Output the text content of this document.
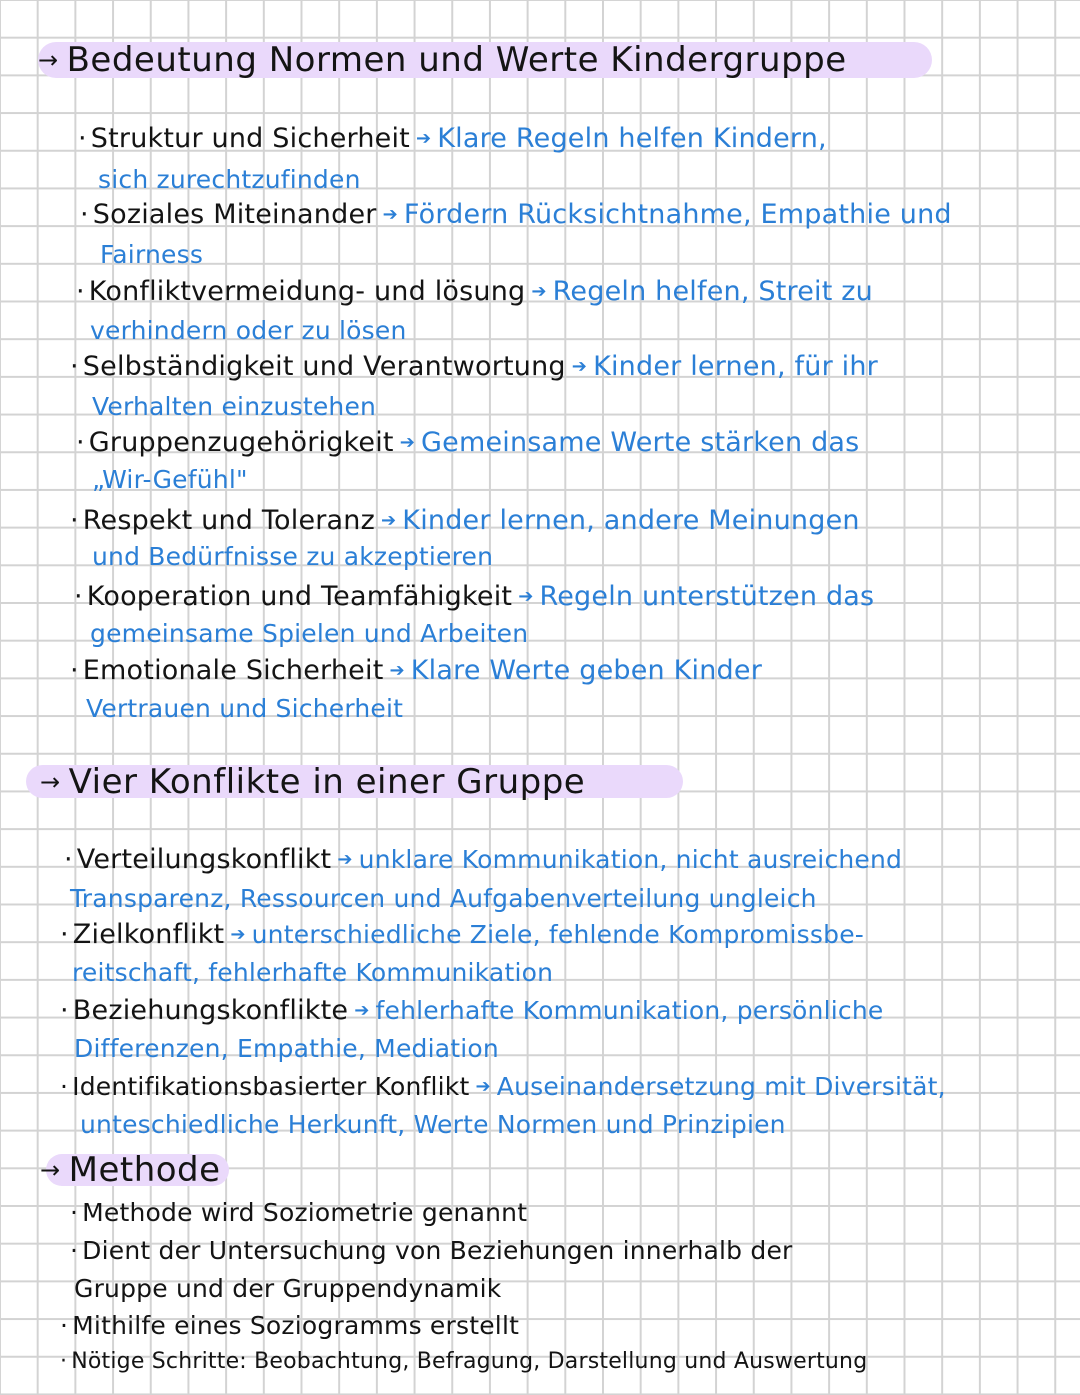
→ Bedeutung Normen und Werte Kindergruppe
· Struktur und Sicherheit ➔ Klare Regeln helfen Kindern,
sich zurechtzufinden
· Soziales Miteinander ➔ Fördern Rücksichtnahme, Empathie und
Fairness
· Konfliktvermeidung- und lösung ➔ Regeln helfen, Streit zu
verhindern oder zu lösen
· Selbständigkeit und Verantwortung ➔ Kinder lernen, für ihr
Verhalten einzustehen
· Gruppenzugehörigkeit ➔ Gemeinsame Werte stärken das
„Wir-Gefühl"
· Respekt und Toleranz ➔ Kinder lernen, andere Meinungen
und Bedürfnisse zu akzeptieren
· Kooperation und Teamfähigkeit ➔ Regeln unterstützen das
gemeinsame Spielen und Arbeiten
· Emotionale Sicherheit ➔ Klare Werte geben Kinder
Vertrauen und Sicherheit
→ Vier Konflikte in einer Gruppe
· Verteilungskonflikt ➔ unklare Kommunikation, nicht ausreichend
Transparenz, Ressourcen und Aufgabenverteilung ungleich
· Zielkonflikt ➔ unterschiedliche Ziele, fehlende Kompromissbe-
reitschaft, fehlerhafte Kommunikation
· Beziehungskonflikte ➔ fehlerhafte Kommunikation, persönliche
Differenzen, Empathie, Mediation
· Identifikationsbasierter Konflikt ➔ Auseinandersetzung mit Diversität,
unteschiedliche Herkunft, Werte Normen und Prinzipien
→ Methode
· Methode wird Soziometrie genannt
· Dient der Untersuchung von Beziehungen innerhalb der
Gruppe und der Gruppendynamik
· Mithilfe eines Soziogramms erstellt
· Nötige Schritte: Beobachtung, Befragung, Darstellung und Auswertung
